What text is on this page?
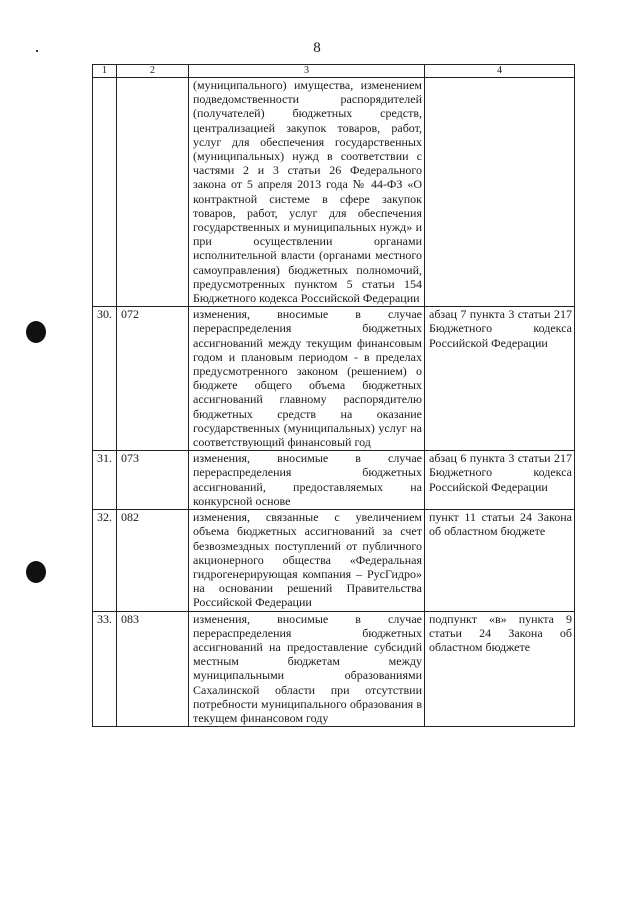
8
1	2	3	4
		(муниципального) имущества, изменением подведомственности распорядителей (получателей) бюджетных средств, централизацией закупок товаров, работ, услуг для обеспечения государственных (муниципальных) нужд в соответствии с частями 2 и 3 статьи 26 Федерального закона от 5 апреля 2013 года № 44-ФЗ «О контрактной системе в сфере закупок товаров, работ, услуг для обеспечения государственных и муниципальных нужд» и при осуществлении органами исполнительной власти (органами местного самоуправления) бюджетных полномочий, предусмотренных пунктом 5 статьи 154 Бюджетного кодекса Российской Федерации	
30.	072	изменения, вносимые в случае перераспределения бюджетных ассигнований между текущим финансовым годом и плановым периодом - в пределах предусмотренного законом (решением) о бюджете общего объема бюджетных ассигнований главному распорядителю бюджетных средств на оказание государственных (муниципальных) услуг на соответствующий финансовый год	абзац 7 пункта 3 статьи 217 Бюджетного кодекса Российской Федерации
31.	073	изменения, вносимые в случае перераспределения бюджетных ассигнований, предоставляемых на конкурсной основе	абзац 6 пункта 3 статьи 217 Бюджетного кодекса Российской Федерации
32.	082	изменения, связанные с увеличением объема бюджетных ассигнований за счет безвозмездных поступлений от публичного акционерного общества «Федеральная гидрогенерирующая компания – РусГидро» на основании решений Правительства Российской Федерации	пункт 11 статьи 24 Закона об областном бюджете
33.	083	изменения, вносимые в случае перераспределения бюджетных ассигнований на предоставление субсидий местным бюджетам между муниципальными образованиями Сахалинской области при отсутствии потребности муниципального образования в текущем финансовом году	подпункт «в» пункта 9 статьи 24 Закона об областном бюджете
